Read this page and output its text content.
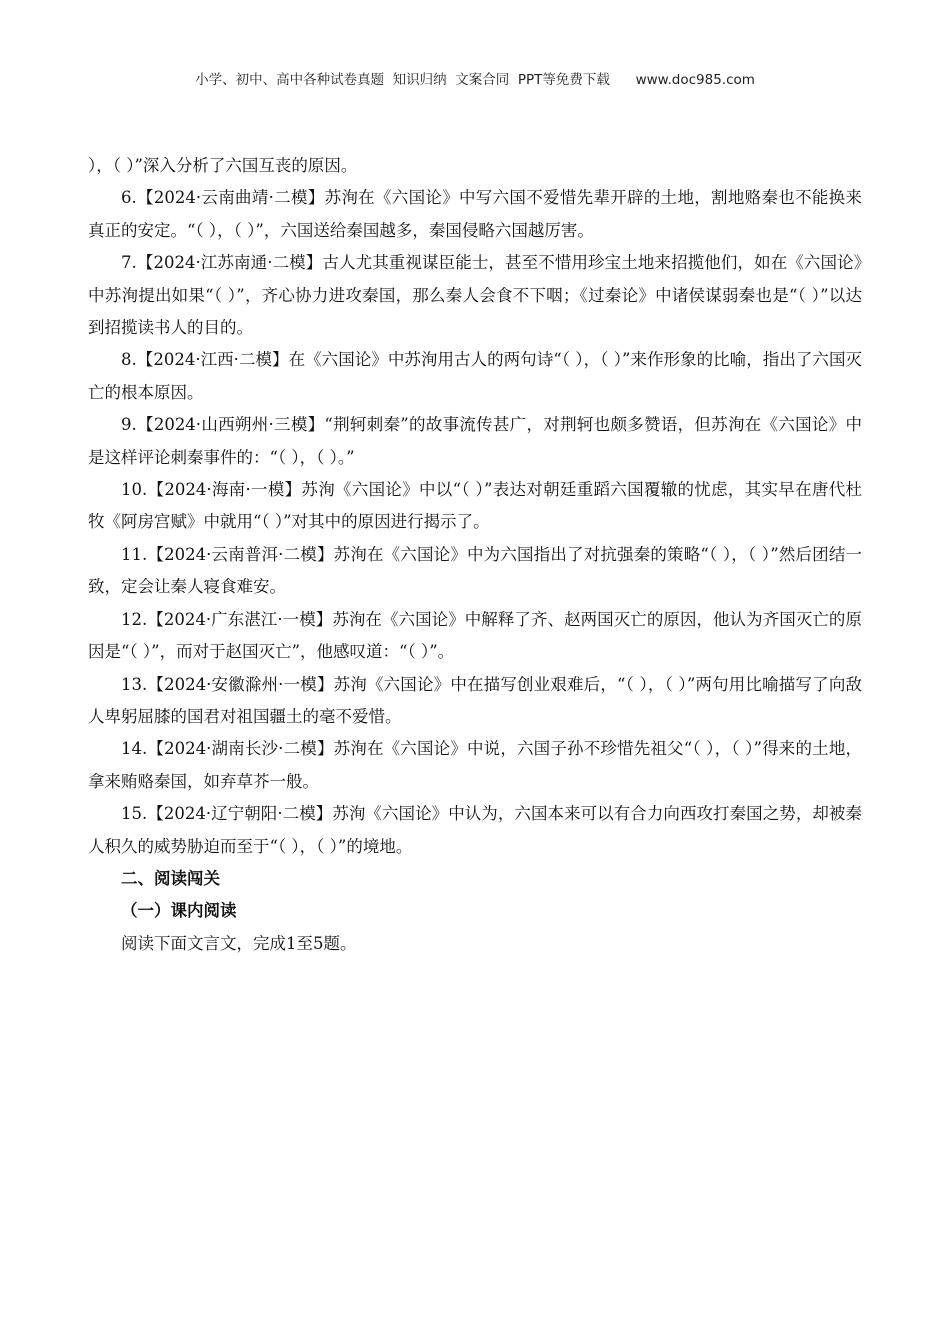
小学、初中、高中各种试卷真题  知识归纳  文案合同  PPT等免费下载      www.doc985.com

），（ ）”深入分析了六国互丧的原因。

6.【2024·云南曲靖·二模】苏洵在《六国论》中写六国不爱惜先辈开辟的土地，割地赂秦也不能换来真正的安定。“（ ），（ ）”，六国送给秦国越多，秦国侵略六国越厉害。

7.【2024·江苏南通·二模】古人尤其重视谋臣能士，甚至不惜用珍宝土地来招揽他们，如在《六国论》中苏洵提出如果“（ ）”，齐心协力进攻秦国，那么秦人会食不下咽；《过秦论》中诸侯谋弱秦也是“（ ）”以达到招揽读书人的目的。

8.【2024·江西·二模】在《六国论》中苏洵用古人的两句诗“（ ），（ ）”来作形象的比喻，指出了六国灭亡的根本原因。

9.【2024·山西朔州·三模】“荆轲刺秦”的故事流传甚广，对荆轲也颇多赞语，但苏洵在《六国论》中是这样评论刺秦事件的：“（ ），（ ）。”

10.【2024·海南·一模】苏洵《六国论》中以“（ ）”表达对朝廷重蹈六国覆辙的忧虑，其实早在唐代杜牧《阿房宫赋》中就用“（ ）”对其中的原因进行揭示了。

11.【2024·云南普洱·二模】苏洵在《六国论》中为六国指出了对抗强秦的策略“（ ），（ ）”然后团结一致，定会让秦人寝食难安。

12.【2024·广东湛江·一模】苏洵在《六国论》中解释了齐、赵两国灭亡的原因，他认为齐国灭亡的原因是“（ ）”，而对于赵国灭亡”，他感叹道：“（ ）”。

13.【2024·安徽滁州·一模】苏洵《六国论》中在描写创业艰难后，“（ ），（ ）”两句用比喻描写了向敌人卑躬屈膝的国君对祖国疆土的毫不爱惜。

14.【2024·湖南长沙·二模】苏洵在《六国论》中说，六国子孙不珍惜先祖父“（ ），（ ）”得来的土地，拿来贿赂秦国，如弃草芥一般。

15.【2024·辽宁朝阳·二模】苏洵《六国论》中认为，六国本来可以有合力向西攻打秦国之势，却被秦人积久的威势胁迫而至于“（ ），（ ）”的境地。

二、阅读闯关

（一）课内阅读

阅读下面文言文，完成1至5题。
